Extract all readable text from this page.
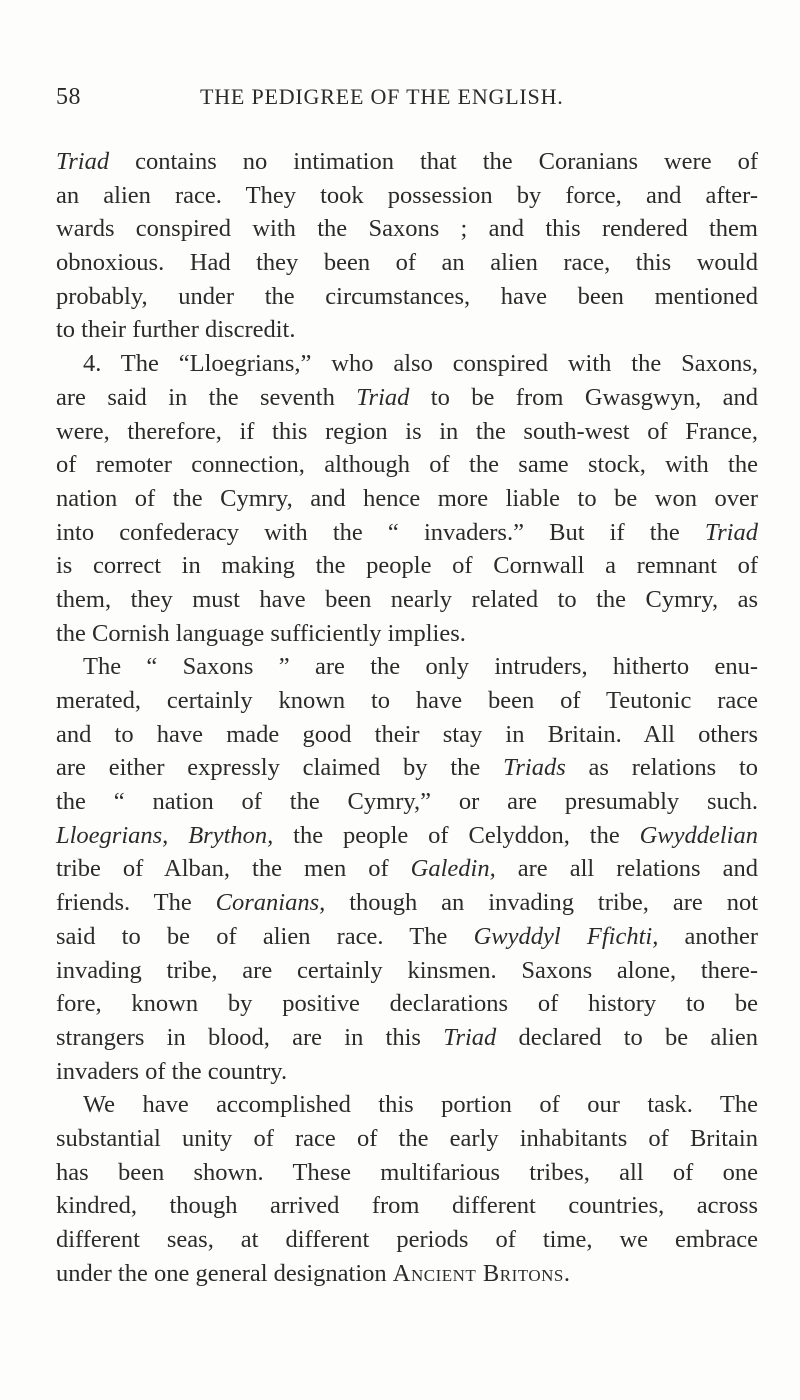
58	THE PEDIGREE OF THE ENGLISH.
Triad contains no intimation that the Coranians were of
an alien race. They took possession by force, and after-
wards conspired with the Saxons ; and this rendered them
obnoxious. Had they been of an alien race, this would
probably, under the circumstances, have been mentioned
to their further discredit.
4. The “Lloegrians,” who also conspired with the Saxons,
are said in the seventh Triad to be from Gwasgwyn, and
were, therefore, if this region is in the south-west of France,
of remoter connection, although of the same stock, with the
nation of the Cymry, and hence more liable to be won over
into confederacy with the “ invaders.” But if the Triad
is correct in making the people of Cornwall a remnant of
them, they must have been nearly related to the Cymry, as
the Cornish language sufficiently implies.
The “ Saxons ” are the only intruders, hitherto enu-
merated, certainly known to have been of Teutonic race
and to have made good their stay in Britain. All others
are either expressly claimed by the Triads as relations to
the “ nation of the Cymry,” or are presumably such.
Lloegrians, Brython, the people of Celyddon, the Gwyddelian
tribe of Alban, the men of Galedin, are all relations and
friends. The Coranians, though an invading tribe, are not
said to be of alien race. The Gwyddyl Ffichti, another
invading tribe, are certainly kinsmen. Saxons alone, there-
fore, known by positive declarations of history to be
strangers in blood, are in this Triad declared to be alien
invaders of the country.
We have accomplished this portion of our task. The
substantial unity of race of the early inhabitants of Britain
has been shown. These multifarious tribes, all of one
kindred, though arrived from different countries, across
different seas, at different periods of time, we embrace
under the one general designation Ancient Britons.
